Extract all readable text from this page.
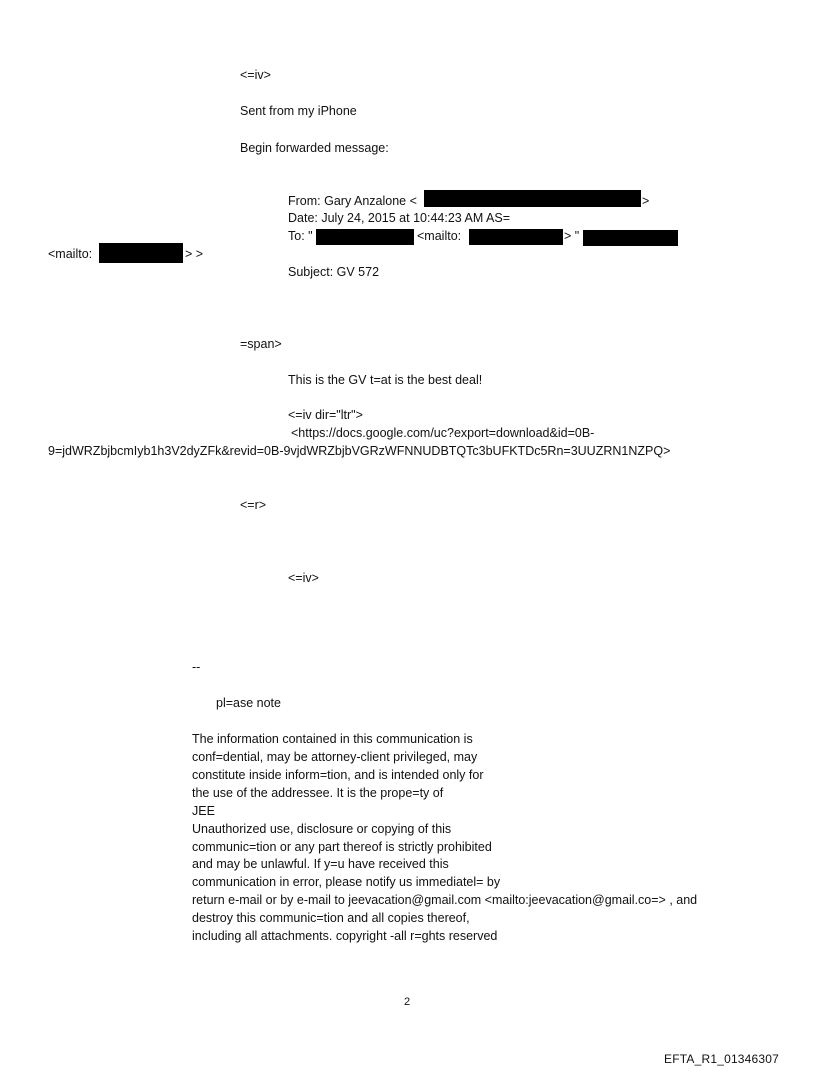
<=iv>
Sent from my iPhone
Begin forwarded message:
From: Gary Anzalone <	>
Date: July 24, 2015 at 10:44:23 AM AS=
To: "	<mailto:	> "
<mailto:	> >
Subject: GV 572
=span>
This is the GV t=at is the best deal!
<=iv dir="ltr">
<https://docs.google.com/uc?export=download&id=0B-
9=jdWRZbjbcmIyb1h3V2dyZFk&revid=0B-9vjdWRZbjbVGRzWFNNUDBTQTc3bUFKTDc5Rn=3UUZRN1NZPQ>
<=r>
<=iv>
--
pl=ase note
The information contained in this communication is
conf=dential, may be attorney-client privileged, may
constitute inside inform=tion, and is intended only for
the use of the addressee. It is the prope=ty of
JEE
Unauthorized use, disclosure or copying of this
communic=tion or any part thereof is strictly prohibited
and may be unlawful. If y=u have received this
communication in error, please notify us immediatel= by
return e-mail or by e-mail to jeevacation@gmail.com <mailto:jeevacation@gmail.co=> , and
destroy this communic=tion and all copies thereof,
including all attachments. copyright -all r=ghts reserved
2
EFTA_R1_01346307
